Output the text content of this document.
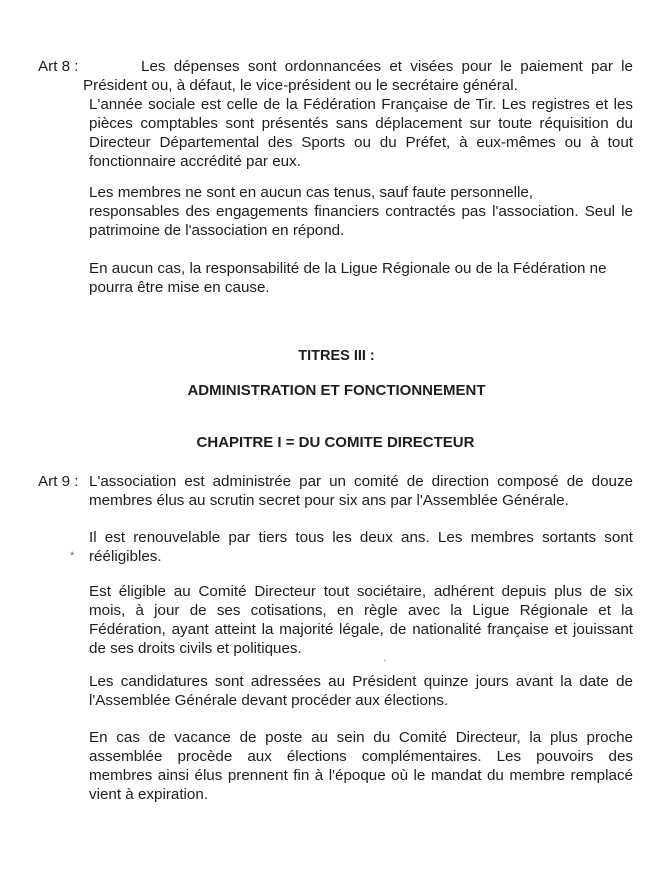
Art 8 :	Les dépenses sont ordonnancées et visées pour le paiement par le
Président ou, à défaut, le vice-président ou le secrétaire général.
L'année sociale est celle de la Fédération Française de Tir. Les registres et les
pièces comptables sont présentés sans déplacement sur toute réquisition du
Directeur Départemental des Sports ou du Préfet, à eux-mêmes ou à tout
fonctionnaire accrédité par eux.
Les membres ne sont en aucun cas tenus, sauf faute personnelle,
responsables des engagements financiers contractés pas l'association. Seul le
patrimoine de l'association en répond.
En aucun cas, la responsabilité de la Ligue Régionale ou de la Fédération ne
pourra être mise en cause.
TITRES III :
ADMINISTRATION ET FONCTIONNEMENT
CHAPITRE I = DU COMITE DIRECTEUR
Art 9 : L'association est administrée par un comité de direction composé de douze
membres élus au scrutin secret pour six ans par l'Assemblée Générale.
Il est renouvelable par tiers tous les deux ans. Les membres sortants sont
rééligibles.
Est éligible au Comité Directeur tout sociétaire, adhérent depuis plus de six
mois, à jour de ses cotisations, en règle avec la Ligue Régionale et la
Fédération, ayant atteint la majorité légale, de nationalité française et jouissant
de ses droits civils et politiques.
Les candidatures sont adressées au Président quinze jours avant la date de
l'Assemblée Générale devant procéder aux élections.
En cas de vacance de poste au sein du Comité Directeur, la plus proche
assemblée procède aux élections complémentaires. Les pouvoirs des
membres ainsi élus prennent fin à l'époque où le mandat du membre remplacé
vient à expiration.
*
'
